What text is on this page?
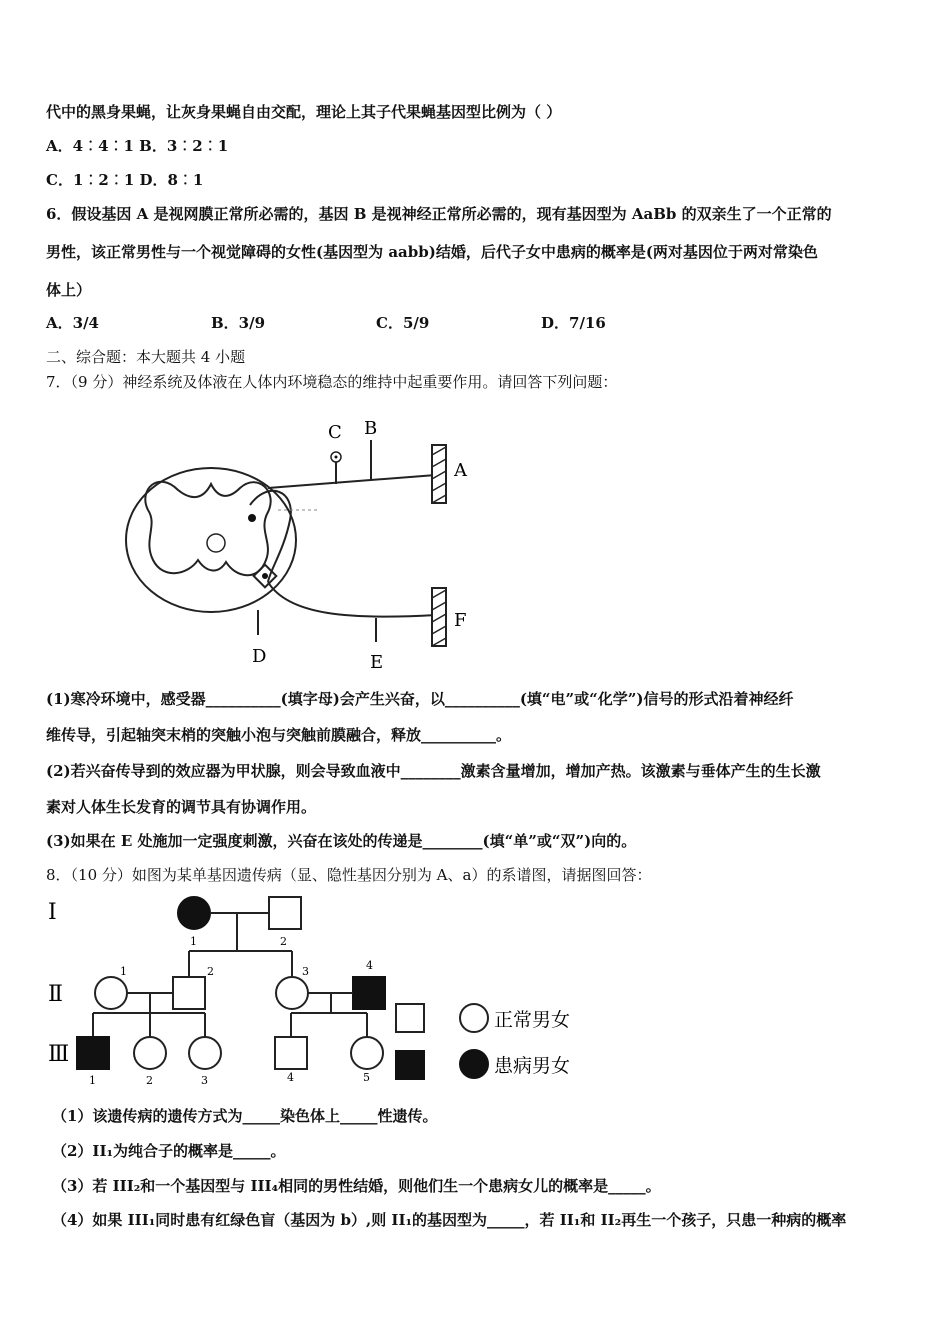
代中的黑身果蝇，让灰身果蝇自由交配，理论上其子代果蝇基因型比例为（ ）
A．4︰4︰1 B．3︰2︰1
C．1︰2︰1 D．8︰1
6．假设基因 A 是视网膜正常所必需的，基因 B 是视神经正常所必需的，现有基因型为 AaBb 的双亲生了一个正常的
男性，该正常男性与一个视觉障碍的女性(基因型为 aabb)结婚，后代子女中患病的概率是(两对基因位于两对常染色
体上）
A．3/4	B．3/9	C．5/9	D．7/16
二、综合题：本大题共 4 小题
7．（9 分）神经系统及体液在人体内环境稳态的维持中起重要作用。请回答下列问题：
C B
A
F
D	E
(1)寒冷环境中，感受器__________(填字母)会产生兴奋，以__________(填“电”或“化学”)信号的形式沿着神经纤
维传导，引起轴突末梢的突触小泡与突触前膜融合，释放__________。
(2)若兴奋传导到的效应器为甲状腺，则会导致血液中________激素含量增加，增加产热。该激素与垂体产生的生长激
素对人体生长发育的调节具有协调作用。
(3)如果在 E 处施加一定强度刺激，兴奋在该处的传递是________(填“单”或“双”)向的。
8．（10 分）如图为某单基因遗传病（显、隐性基因分别为 A、a）的系谱图，请据图回答：
Ⅰ
Ⅱ
Ⅲ
1	2
1	2	3	4
1	2	3	4	5
正常男女
患病男女
（1）该遗传病的遗传方式为_____染色体上_____性遗传。
（2）II₁为纯合子的概率是_____。
（3）若 III₂和一个基因型与 III₄相同的男性结婚，则他们生一个患病女儿的概率是_____。
（4）如果 III₁同时患有红绿色盲（基因为 b）,则 II₁的基因型为_____，若 II₁和 II₂再生一个孩子，只患一种病的概率
